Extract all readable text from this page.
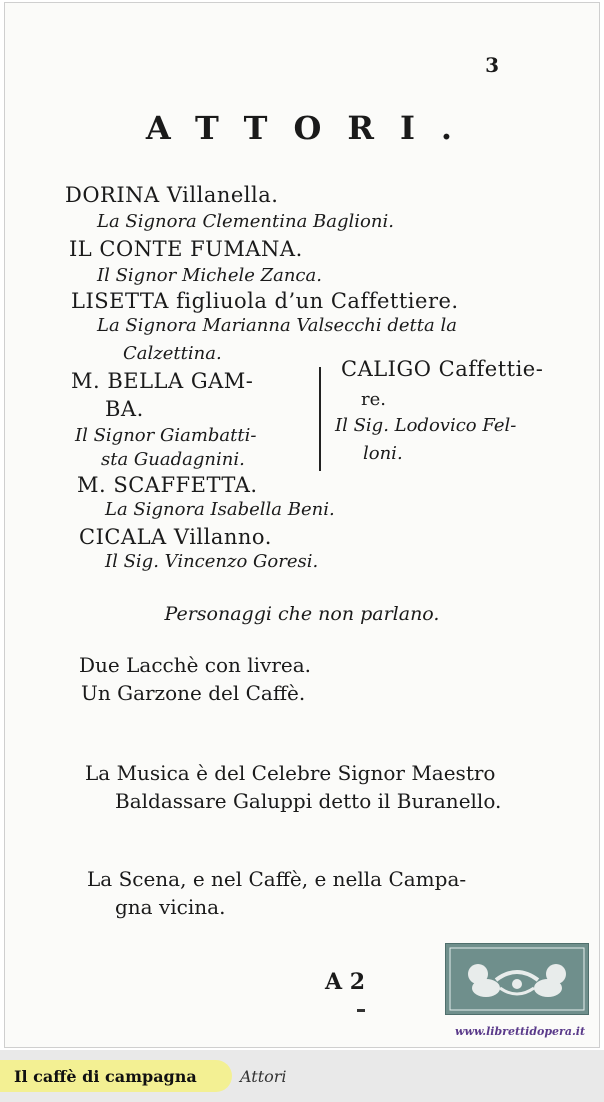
3
ATTORI.
DORINA Villanella.
La Signora Clementina Baglioni.
IL CONTE FUMANA.
Il Signor Michele Zanca.
LISETTA figliuola d’un Caffettiere.
La Signora Marianna Valsecchi detta la
Calzettina.
M. BELLA GAM-
BA.
Il Signor Giambatti-
sta Guadagnini.
CALIGO Caffettie-
re.
Il Sig. Lodovico Fel-
loni.
M. SCAFFETTA.
La Signora Isabella Beni.
CICALA Villanno.
Il Sig. Vincenzo Goresi.
Personaggi che non parlano.
Due Lacchè con livrea.
Un Garzone del Caffè.
La Musica è del Celebre Signor Maestro
Baldassare Galuppi detto il Buranello.
La Scena, e nel Caffè, e nella Campa-
gna vicina.
A 2
www.librettidopera.it
Il caffè di campagna	Attori
